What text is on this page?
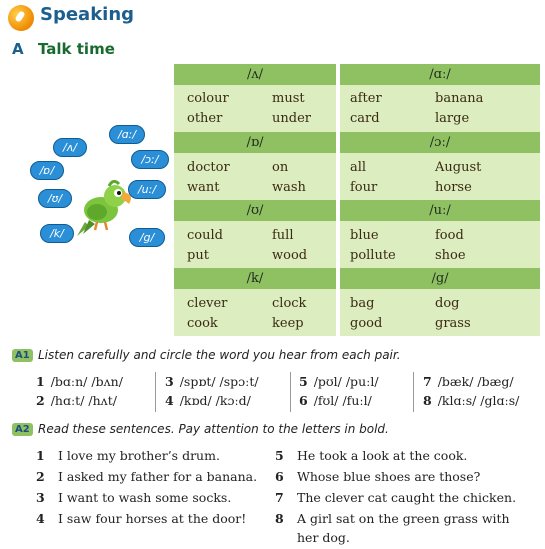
Speaking
A Talk time
/ʌ/	/ɑː/
colour	must
other	under
after	banana
card	large
/ɒ/	/ɔː/
doctor	on
want	wash
all	August
four	horse
/ʊ/	/uː/
could	full
put	wood
blue	food
pollute	shoe
/k/	/g/
clever	clock
cook	keep
bag	dog
good	grass
/ɑː/
/ʌ/
/ɒ/
/ɔː/
/ʊ/
/uː/
/k/	/g/
A1 Listen carefully and circle the word you hear from each pair.
1 /bɑːn/ /bʌn/
2 /hɑːt/ /hʌt/
3 /spɒt/ /spɔːt/
4 /kɒd/ /kɔːd/
5 /pʊl/ /puːl/
6 /fʊl/ /fuːl/
7 /bæk/ /bæg/
8 /klɑːs/ /glɑːs/
A2 Read these sentences. Pay attention to the letters in bold.
1 I love my brother’s drum.
2 I asked my father for a banana.
3 I want to wash some socks.
4 I saw four horses at the door!
5 He took a look at the cook.
6 Whose blue shoes are those?
7 The clever cat caught the chicken.
8 A girl sat on the green grass with
her dog.
